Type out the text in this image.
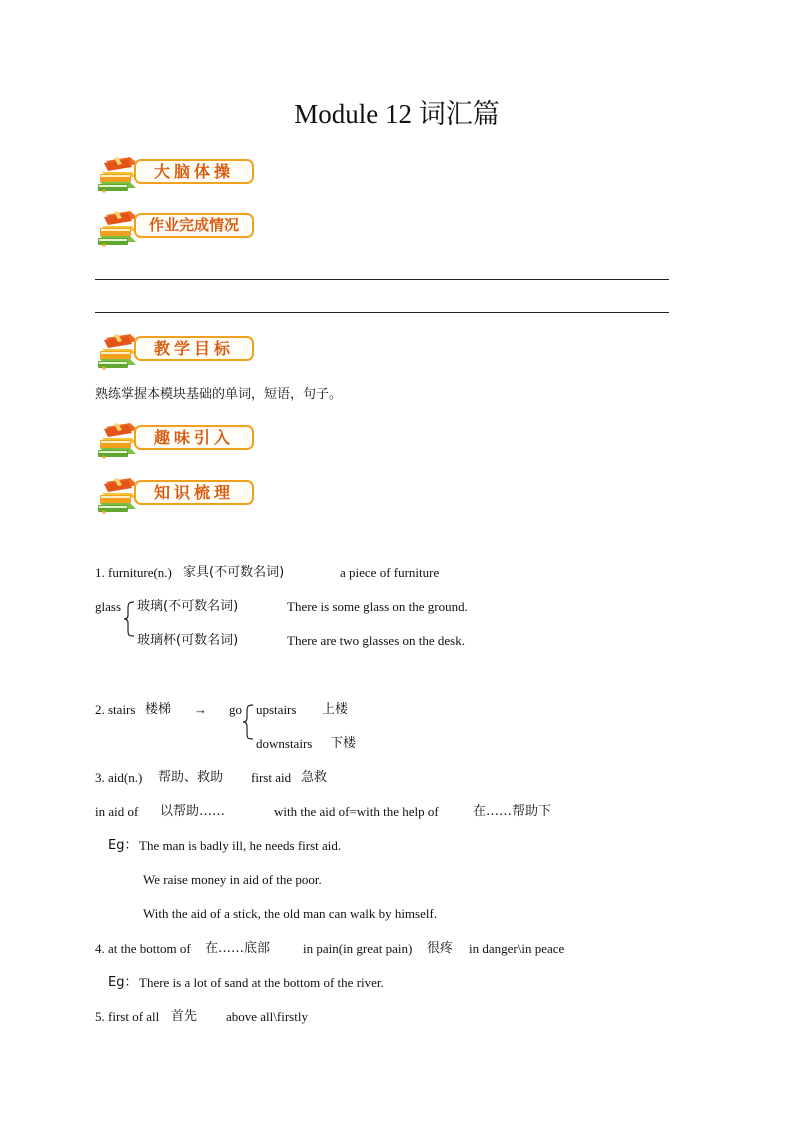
Module 12 词汇篇
大脑体操
作业完成情况
教学目标
熟练掌握本模块基础的单词，短语，句子。
趣味引入
知识梳理
1. furniture(n.) 家具(不可数名词)	a piece of furniture
glass 玻璃(不可数名词)	There is some glass on the ground.
玻璃杯(可数名词)	There are two glasses on the desk.
2. stairs 楼梯 → go upstairs 上楼
downstairs 下楼
3. aid(n.) 帮助、救助 first aid 急救
in aid of 以帮助……	with the aid of=with the help of	在……帮助下
Eg： The man is badly ill, he needs first aid.
We raise money in aid of the poor.
With the aid of a stick, the old man can walk by himself.
4. at the bottom of 在……底部	in pain(in great pain) 很疼 in danger\in peace
Eg： There is a lot of sand at the bottom of the river.
5. first of all 首先 above all\firstly
